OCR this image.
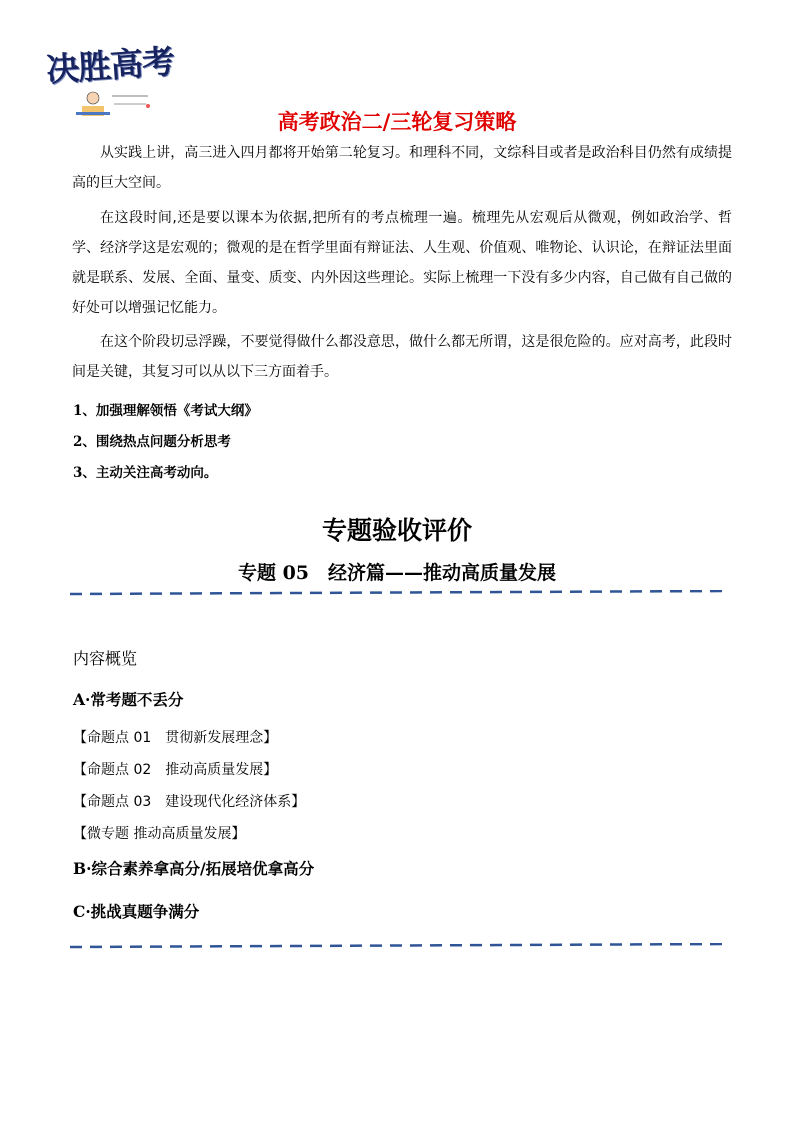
决胜高考
高考政治二/三轮复习策略

从实践上讲，高三进入四月都将开始第二轮复习。和理科不同，文综科目或者是政治科目仍然有成绩提高的巨大空间。

在这段时间,还是要以课本为依据,把所有的考点梳理一遍。梳理先从宏观后从微观，例如政治学、哲学、经济学这是宏观的；微观的是在哲学里面有辩证法、人生观、价值观、唯物论、认识论，在辩证法里面就是联系、发展、全面、量变、质变、内外因这些理论。实际上梳理一下没有多少内容，自己做有自己做的好处可以增强记忆能力。

在这个阶段切忌浮躁，不要觉得做什么都没意思，做什么都无所谓，这是很危险的。应对高考，此段时间是关键，其复习可以从以下三方面着手。

1、加强理解领悟《考试大纲》
2、围绕热点问题分析思考
3、主动关注高考动向。
专题验收评价
专题 05　经济篇——推动高质量发展
内容概览
A·常考题不丢分
【命题点 01　贯彻新发展理念】
【命题点 02　推动高质量发展】
【命题点 03　建设现代化经济体系】
【微专题 推动高质量发展】
B·综合素养拿高分/拓展培优拿高分
C·挑战真题争满分
